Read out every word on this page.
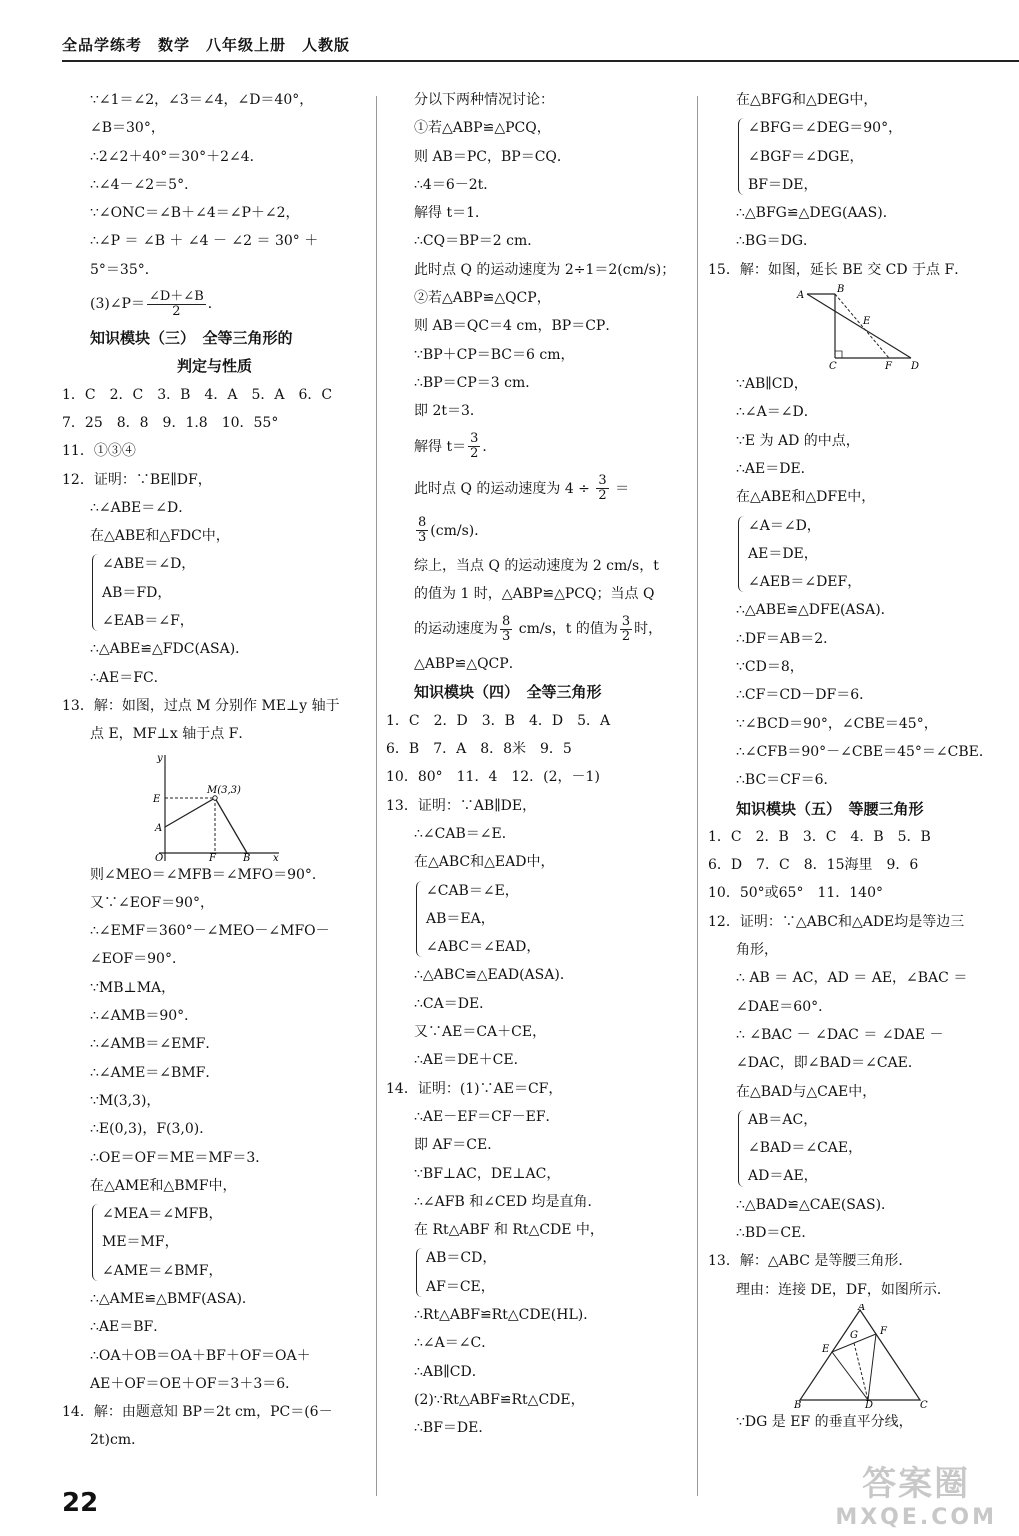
全品学练考　数学　八年级上册　人教版
∵∠1＝∠2，∠3＝∠4，∠D＝40°，
∠B＝30°，
∴2∠2＋40°＝30°＋2∠4．
∴∠4－∠2＝5°．
∵∠ONC＝∠B＋∠4＝∠P＋∠2，
∴∠P ＝ ∠B ＋ ∠4 － ∠2 ＝ 30° ＋
5°＝35°．
(3)∠P＝ $\frac{\angle D+\angle B}{2}$ ．
知识模块（三）　全等三角形的
判定与性质
1．C　2．C　3．B　4．A　5．A　6．C
7．25　8．8　9．1.8　10．55°
11．①③④
12．证明：∵BE∥DF，
∴∠ABE＝∠D．
在△ABE和△FDC中，
∠ABE＝∠D，
AB＝FD，
∠EAB＝∠F，
∴△ABE≌△FDC(ASA)．
∴AE＝FC．
13．解：如图，过点 M 分别作 ME⊥y 轴于
点 E，MF⊥x 轴于点 F．
y
E
M(3,3)
A
O	F	B x
则∠MEO＝∠MFB＝∠MFO＝90°．
又∵∠EOF＝90°，
∴∠EMF＝360°－∠MEO－∠MFO－
∠EOF＝90°．
∵MB⊥MA，
∴∠AMB＝90°．
∴∠AMB＝∠EMF．
∴∠AME＝∠BMF．
∵M(3,3)，
∴E(0,3)，F(3,0)．
∴OE＝OF＝ME＝MF＝3．
在△AME和△BMF中，
∠MEA＝∠MFB，
ME＝MF，
∠AME＝∠BMF，
∴△AME≌△BMF(ASA)．
∴AE＝BF．
∴OA＋OB＝OA＋BF＋OF＝OA＋
AE＋OF＝OE＋OF＝3＋3＝6．
14．解：由题意知 BP＝2t cm，PC＝(6－
2t)cm．
分以下两种情况讨论：
①若△ABP≌△PCQ，
则 AB＝PC，BP＝CQ．
∴4＝6－2t．
解得 t＝1．
∴CQ＝BP＝2 cm．
此时点 Q 的运动速度为 2÷1＝2(cm/s)；
②若△ABP≌△QCP，
则 AB＝QC＝4 cm，BP＝CP．
∵BP＋CP＝BC＝6 cm，
∴BP＝CP＝3 cm．
即 2t＝3．
解得 $t= \frac{3}{2}$ ．
此时点 Q 的运动速度为 $4 \div \frac{3}{2}$ ＝
$\frac{8}{3} (cm/s)$．
综上，当点 Q 的运动速度为 2 cm/s，t
的值为 1 时，△ABP≌△PCQ；当点 Q
的运动速度为 $\frac{8}{3} cm/s$，t 的值为 $\frac{3}{2}$ 时，
△ABP≌△QCP．
知识模块（四）　全等三角形
1．C　2．D　3．B　4．D　5．A
6．B　7．A　8．8米　9．5
10．80°　11．4　12．(2，－1)
13．证明：∵AB∥DE，
∴∠CAB＝∠E．
在△ABC和△EAD中，
∠CAB＝∠E，
AB＝EA，
∠ABC＝∠EAD，
∴△ABC≌△EAD(ASA)．
∴CA＝DE．
又∵AE＝CA＋CE，
∴AE＝DE＋CE．
14．证明：(1)∵AE＝CF，
∴AE－EF＝CF－EF．
即 AF＝CE．
∵BF⊥AC，DE⊥AC，
∴∠AFB 和∠CED 均是直角．
在 Rt△ABF 和 Rt△CDE 中，
AB＝CD，
AF＝CE，
∴Rt△ABF≌Rt△CDE(HL)．
∴∠A＝∠C．
∴AB∥CD．
(2)∵Rt△ABF≌Rt△CDE，
∴BF＝DE．
在△BFG和△DEG中，
∠BFG＝∠DEG＝90°，
∠BGF＝∠DGE，
BF＝DE，
∴△BFG≌△DEG(AAS)．
∴BG＝DG．
15．解：如图，延长 BE 交 CD 于点 F．
A
B
E
C	F D
∵AB∥CD，
∴∠A＝∠D．
∵E 为 AD 的中点，
∴AE＝DE．
在△ABE和△DFE中，
∠A＝∠D，
AE＝DE，
∠AEB＝∠DEF，
∴△ABE≌△DFE(ASA)．
∴DF＝AB＝2．
∵CD＝8，
∴CF＝CD－DF＝6．
∵∠BCD＝90°，∠CBE＝45°，
∴∠CFB＝90°－∠CBE＝45°＝∠CBE．
∴BC＝CF＝6．
知识模块（五）　等腰三角形
1．C　2．B　3．C　4．B　5．B
6．D　7．C　8．15海里　9．6
10．50°或65°　11．140°
12．证明：∵△ABC和△ADE均是等边三
角形，
∴ AB ＝ AC，AD ＝ AE，∠BAC ＝
∠DAE＝60°．
∴ ∠BAC － ∠DAC ＝ ∠DAE －
∠DAC，即∠BAD＝∠CAE．
在△BAD与△CAE中，
AB＝AC，
∠BAD＝∠CAE，
AD＝AE，
∴△BAD≌△CAE(SAS)．
∴BD＝CE．
13．解：△ABC 是等腰三角形．
理由：连接 DE，DF，如图所示．
A
E
G F
B	D	C
∵DG 是 EF 的垂直平分线，
22	答案圈
MXQE.COM
